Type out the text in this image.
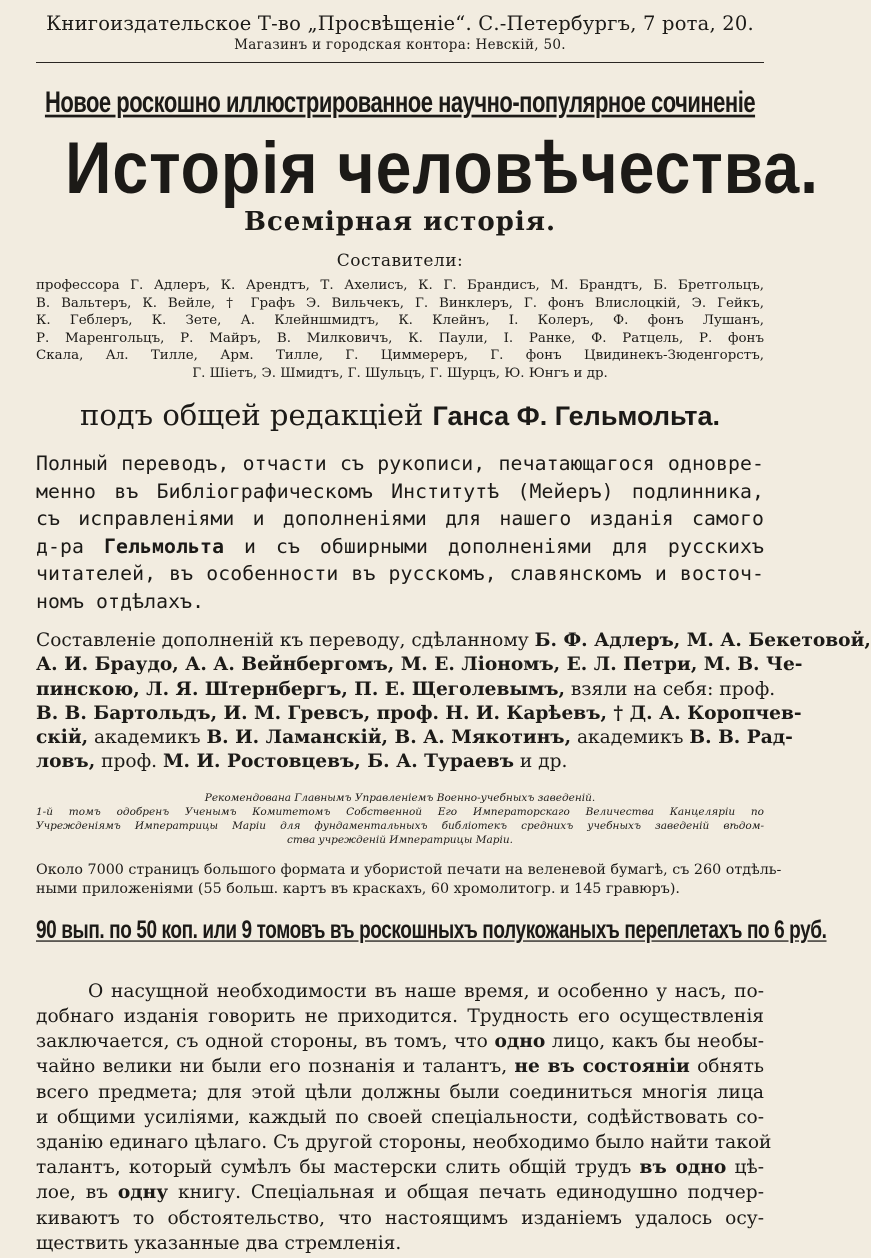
Книгоиздательское Т-во „Просвѣщеніе“. С.-Петербургъ, 7 рота, 20.
Магазинъ и городская контора: Невскій, 50.
Новое роскошно иллюстрированное научно-популярное сочиненіе
Исторія человѣчества.
Всемірная исторія.
Составители:
профессора Г. Адлеръ, К. Арендтъ, Т. Ахелисъ, К. Г. Брандисъ, М. Брандтъ, Б. Бретгольцъ,
В. Вальтеръ, К. Вейле, † Графъ Э. Вильчекъ, Г. Винклеръ, Г. фонъ Влислоцкій, Э. Гейкъ,
К. Геблеръ, К. Зете, А. Клейншмидтъ, К. Клейнъ, І. Колеръ, Ф. фонъ Лушанъ,
Р. Маренгольцъ, Р. Майръ, В. Милковичъ, К. Паули, І. Ранке, Ф. Ратцель, Р. фонъ
Скала, Ал. Тилле, Арм. Тилле, Г. Циммереръ, Г. фонъ Цвидинекъ-Зюденгорстъ,
Г. Шіетъ, Э. Шмидтъ, Г. Шульцъ, Г. Шурцъ, Ю. Юнгъ и др.
подъ общей редакціей Ганса Ф. Гельмольта.
Полный переводъ, отчасти съ рукописи, печатающагося одновре-
менно въ Библіографическомъ Институтѣ (Мейеръ) подлинника,
съ исправленіями и дополненіями для нашего изданія самого
д-ра Гельмольта и съ обширными дополненіями для русскихъ
читателей, въ особенности въ русскомъ, славянскомъ и восточ-
номъ отдѣлахъ.
Составленіе дополненій къ переводу, сдѣланному Б. Ф. Адлеръ, М. А. Бекетовой,
А. И. Браудо, А. А. Вейнбергомъ, М. Е. Ліономъ, Е. Л. Петри, М. В. Че-
пинскою, Л. Я. Штернбергъ, П. Е. Щеголевымъ, взяли на себя: проф.
В. В. Бартольдъ, И. М. Гревсъ, проф. Н. И. Карѣевъ, † Д. А. Коропчев-
скій, академикъ В. И. Ламанскій, В. А. Мякотинъ, академикъ В. В. Рад-
ловъ, проф. М. И. Ростовцевъ, Б. А. Тураевъ и др.
Рекомендована Главнымъ Управленіемъ Военно-учебныхъ заведеній.
1-й томъ одобренъ Ученымъ Комитетомъ Собственной Его Императорскаго Величества Канцеляріи по
Учрежденіямъ Императрицы Маріи для фундаментальныхъ библіотекъ среднихъ учебныхъ заведеній вѣдом-
ства учрежденій Императрицы Маріи.
Около 7000 страницъ большого формата и убористой печати на веленевой бумагѣ, съ 260 отдѣль-
ными приложеніями (55 больш. картъ въ краскахъ, 60 хромолитогр. и 145 гравюръ).
90 вып. по 50 коп. или 9 томовъ въ роскошныхъ полукожаныхъ переплетахъ по 6 руб.
О насущной необходимости въ наше время, и особенно у насъ, по-
добнаго изданія говорить не приходится. Трудность его осуществленія
заключается, съ одной стороны, въ томъ, что одно лицо, какъ бы необы-
чайно велики ни были его познанія и талантъ, не въ состояніи обнять
всего предмета; для этой цѣли должны были соединиться многія лица
и общими усиліями, каждый по своей спеціальности, содѣйствовать со-
зданію единаго цѣлаго. Съ другой стороны, необходимо было найти такой
талантъ, который сумѣлъ бы мастерски слить общій трудъ въ одно цѣ-
лое, въ одну книгу. Спеціальная и общая печать единодушно подчер-
киваютъ то обстоятельство, что настоящимъ изданіемъ удалось осу-
ществить указанные два стремленія.
